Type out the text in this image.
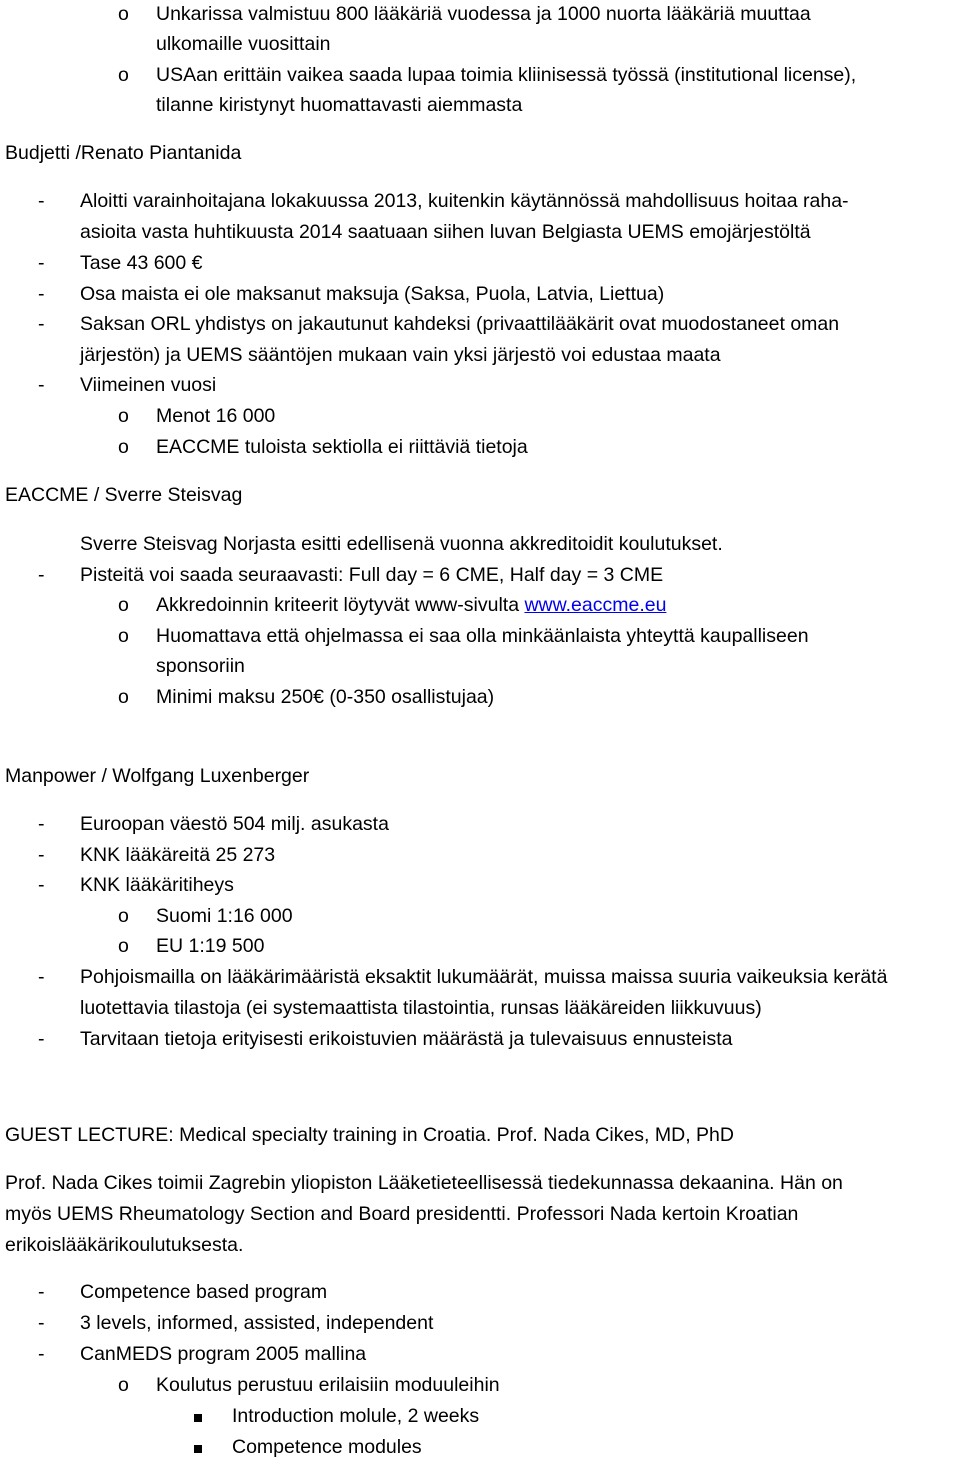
o	Unkarissa valmistuu 800 lääkäriä vuodessa ja 1000 nuorta lääkäriä muuttaa
ulkomaille vuosittain
o	USAan erittäin vaikea saada lupaa toimia kliinisessä työssä (institutional license),
tilanne kiristynyt huomattavasti aiemmasta
Budjetti /Renato Piantanida
-	Aloitti varainhoitajana lokakuussa 2013, kuitenkin käytännössä mahdollisuus hoitaa raha-
asioita vasta huhtikuusta 2014 saatuaan siihen luvan Belgiasta UEMS emojärjestöltä
-	Tase 43 600 €
-	Osa maista ei ole maksanut maksuja (Saksa, Puola, Latvia, Liettua)
-	Saksan ORL yhdistys on jakautunut kahdeksi (privaattilääkärit ovat muodostaneet oman
järjestön) ja UEMS sääntöjen mukaan vain yksi järjestö voi edustaa maata
-	Viimeinen vuosi
o	Menot 16 000
o	EACCME tuloista sektiolla ei riittäviä tietoja
EACCME / Sverre Steisvag
Sverre Steisvag Norjasta esitti edellisenä vuonna akkreditoidit koulutukset.
-	Pisteitä voi saada seuraavasti: Full day = 6 CME, Half day = 3 CME
o	Akkredoinnin kriteerit löytyvät www-sivulta www.eaccme.eu
o	Huomattava että ohjelmassa ei saa olla minkäänlaista yhteyttä kaupalliseen
sponsoriin
o	Minimi maksu 250€ (0-350 osallistujaa)
Manpower / Wolfgang Luxenberger
-	Euroopan väestö 504 milj. asukasta
-	KNK lääkäreitä 25 273
-	KNK lääkäritiheys
o	Suomi 1:16 000
o	EU 1:19 500
-	Pohjoismailla on lääkärimääristä eksaktit lukumäärät, muissa maissa suuria vaikeuksia kerätä
luotettavia tilastoja (ei systemaattista tilastointia, runsas lääkäreiden liikkuvuus)
-	Tarvitaan tietoja erityisesti erikoistuvien määrästä ja tulevaisuus ennusteista
GUEST LECTURE: Medical specialty training in Croatia. Prof. Nada Cikes, MD, PhD
Prof. Nada Cikes toimii Zagrebin yliopiston Lääketieteellisessä tiedekunnassa dekaanina. Hän on
myös UEMS Rheumatology Section and Board presidentti. Professori Nada kertoin Kroatian
erikoislääkärikoulutuksesta.
-	Competence based program
-	3 levels, informed, assisted, independent
-	CanMEDS program 2005 mallina
o	Koulutus perustuu erilaisiin moduuleihin
Introduction molule, 2 weeks
Competence modules
